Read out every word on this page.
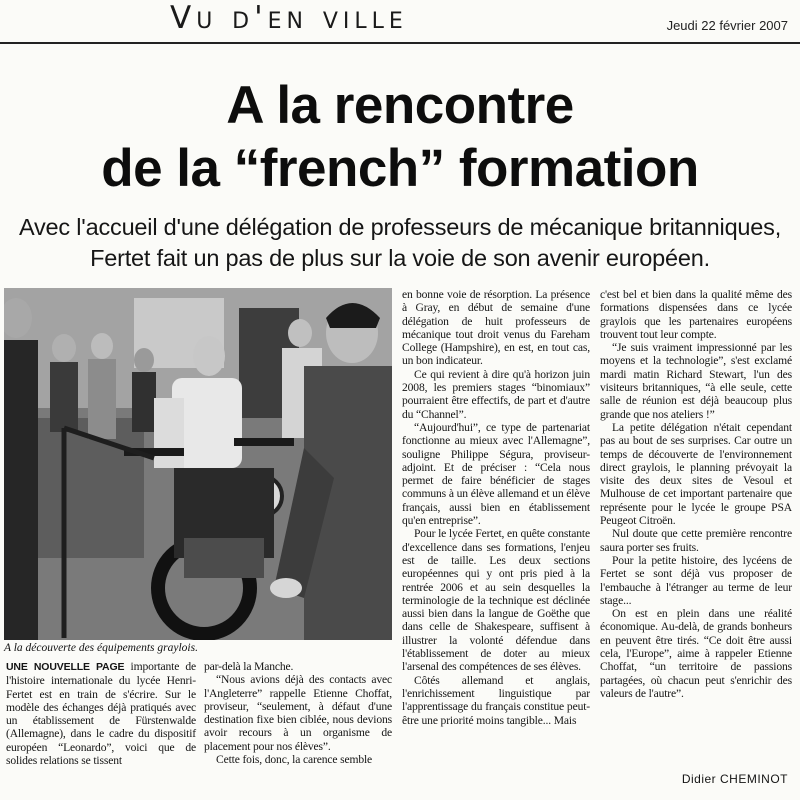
Vu d'en ville	Jeudi 22 février 2007
A la rencontre
de la “french” formation
Avec l'accueil d'une délégation de professeurs de mécanique britanniques,
Fertet fait un pas de plus sur la voie de son avenir européen.
A la découverte des équipements graylois.

UNE NOUVELLE PAGE importante de l'histoire internationale du lycée Henri-Fertet est en train de s'écrire. Sur le modèle des échanges déjà pratiqués avec un établissement de Fürstenwalde (Allemagne), dans le cadre du dispositif européen “Leonardo”, voici que de solides relations se tissent

par-delà la Manche.

“Nous avions déjà des contacts avec l'Angleterre” rappelle Etienne Choffat, proviseur, “seulement, à défaut d'une destination fixe bien ciblée, nous devions avoir recours à un organisme de placement pour nos élèves”.

Cette fois, donc, la carence semble

en bonne voie de résorption. La présence à Gray, en début de semaine d'une délégation de huit professeurs de mécanique tout droit venus du Fareham College (Hampshire), en est, en tout cas, un bon indicateur.

Ce qui revient à dire qu'à horizon juin 2008, les premiers stages “binomiaux” pourraient être effectifs, de part et d'autre du “Channel”.

“Aujourd'hui”, ce type de partenariat fonctionne au mieux avec l'Allemagne”, souligne Philippe Ségura, proviseur-adjoint. Et de préciser : “Cela nous permet de faire bénéficier de stages communs à un élève allemand et un élève français, aussi bien en établissement qu'en entreprise”.

Pour le lycée Fertet, en quête constante d'excellence dans ses formations, l'enjeu est de taille. Les deux sections européennes qui y ont pris pied à la rentrée 2006 et au sein desquelles la terminologie de la technique est déclinée aussi bien dans la langue de Goëthe que dans celle de Shakespeare, suffisent à illustrer la volonté défendue dans l'établissement de doter au mieux l'arsenal des compétences de ses élèves.

Côtés allemand et anglais, l'enrichissement linguistique par l'apprentissage du français constitue peut-être une priorité moins tangible... Mais

c'est bel et bien dans la qualité même des formations dispensées dans ce lycée graylois que les partenaires européens trouvent tout leur compte.

“Je suis vraiment impressionné par les moyens et la technologie”, s'est exclamé mardi matin Richard Stewart, l'un des visiteurs britanniques, “à elle seule, cette salle de réunion est déjà beaucoup plus grande que nos ateliers !”

La petite délégation n'était cependant pas au bout de ses surprises. Car outre un temps de découverte de l'environnement direct graylois, le planning prévoyait la visite des deux sites de Vesoul et Mulhouse de cet important partenaire que représente pour le lycée le groupe PSA Peugeot Citroën.

Nul doute que cette première rencontre saura porter ses fruits.

Pour la petite histoire, des lycéens de Fertet se sont déjà vus proposer de l'embauche à l'étranger au terme de leur stage...

On est en plein dans une réalité économique. Au-delà, de grands bonheurs en peuvent être tirés. “Ce doit être aussi cela, l'Europe”, aime à rappeler Etienne Choffat, “un territoire de passions partagées, où chacun peut s'enrichir des valeurs de l'autre”.

Didier CHEMINOT
